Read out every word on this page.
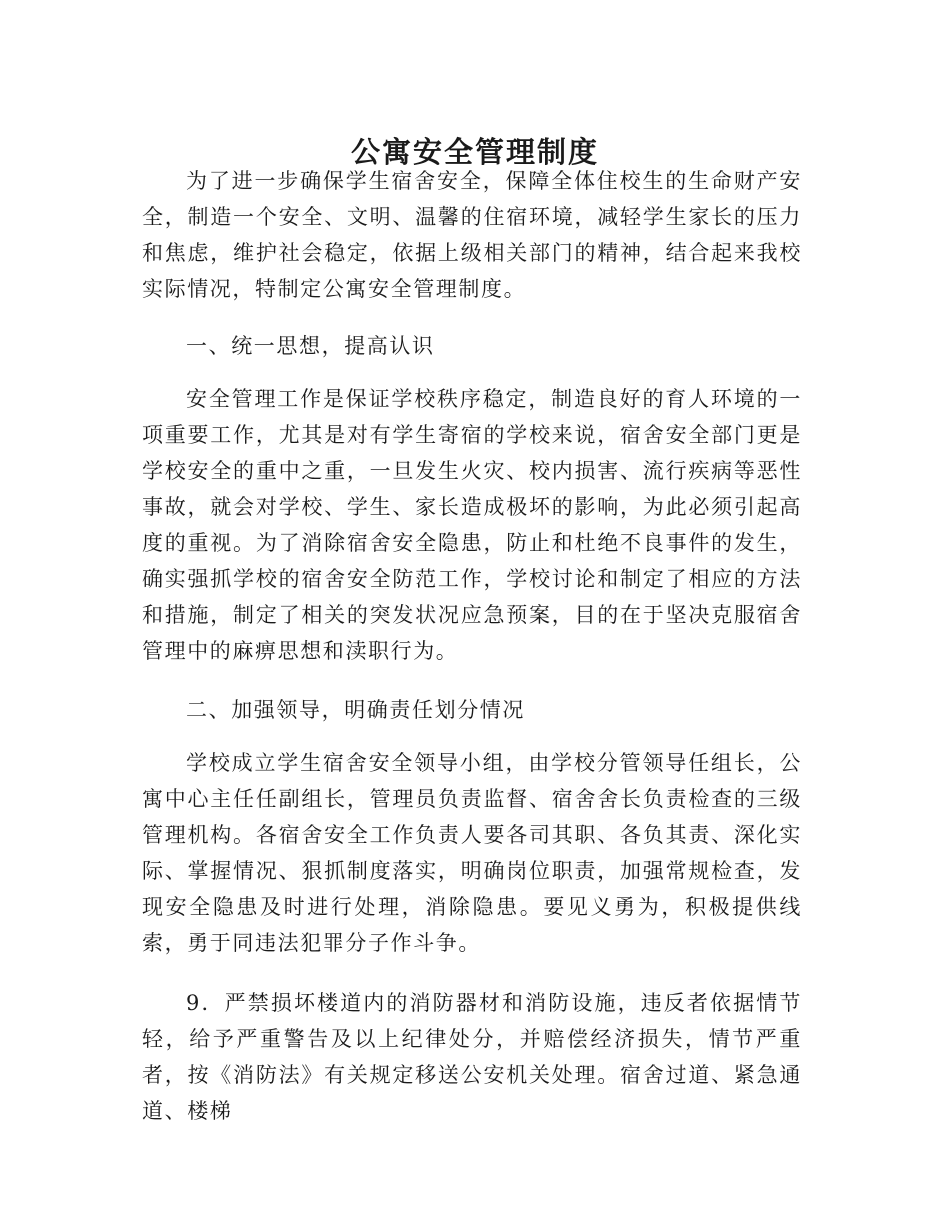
公寓安全管理制度

为了进一步确保学生宿舍安全，保障全体住校生的生命财产安全，制造一个安全、文明、温馨的住宿环境，减轻学生家长的压力和焦虑，维护社会稳定，依据上级相关部门的精神，结合起来我校实际情况，特制定公寓安全管理制度。

一、统一思想，提高认识

安全管理工作是保证学校秩序稳定，制造良好的育人环境的一项重要工作，尤其是对有学生寄宿的学校来说，宿舍安全部门更是学校安全的重中之重，一旦发生火灾、校内损害、流行疾病等恶性事故，就会对学校、学生、家长造成极坏的影响，为此必须引起高度的重视。为了消除宿舍安全隐患，防止和杜绝不良事件的发生，确实强抓学校的宿舍安全防范工作，学校讨论和制定了相应的方法和措施，制定了相关的突发状况应急预案，目的在于坚决克服宿舍管理中的麻痹思想和渎职行为。

二、加强领导，明确责任划分情况

学校成立学生宿舍安全领导小组，由学校分管领导任组长，公寓中心主任任副组长，管理员负责监督、宿舍舍长负责检查的三级管理机构。各宿舍安全工作负责人要各司其职、各负其责、深化实际、掌握情况、狠抓制度落实，明确岗位职责，加强常规检查，发现安全隐患及时进行处理，消除隐患。要见义勇为，积极提供线索，勇于同违法犯罪分子作斗争。

9．严禁损坏楼道内的消防器材和消防设施，违反者依据情节轻，给予严重警告及以上纪律处分，并赔偿经济损失，情节严重者，按《消防法》有关规定移送公安机关处理。宿舍过道、紧急通道、楼梯
